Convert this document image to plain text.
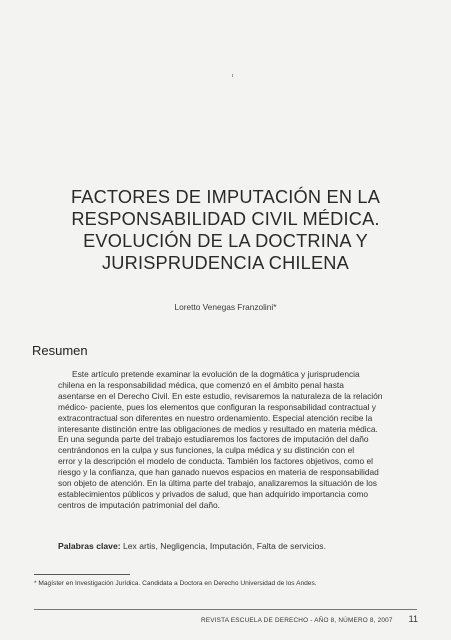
FACTORES DE IMPUTACIÓN EN LA
RESPONSABILIDAD CIVIL MÉDICA.
EVOLUCIÓN DE LA DOCTRINA Y
JURISPRUDENCIA CHILENA
Loretto Venegas Franzolini*
Resumen
Este artículo pretende examinar la evolución de la dogmática y jurisprudencia
chilena en la responsabilidad médica, que comenzó en el ámbito penal hasta
asentarse en el Derecho Civil. En este estudio, revisaremos la naturaleza de la relación
médico- paciente, pues los elementos que configuran la responsabilidad contractual y
extracontractual son diferentes en nuestro ordenamiento. Especial atención recibe la
interesante distinción entre las obligaciones de medios y resultado en materia médica.
En una segunda parte del trabajo estudiaremos los factores de imputación del daño
centrándonos en la culpa y sus funciones, la culpa médica y su distinción con el
error y la descripción el modelo de conducta. También los factores objetivos, como el
riesgo y la confianza, que han ganado nuevos espacios en materia de responsabilidad
son objeto de atención. En la última parte del trabajo, analizaremos la situación de los
establecimientos públicos y privados de salud, que han adquirido importancia como
centros de imputación patrimonial del daño.
Palabras clave: Lex artis, Negligencia, Imputación, Falta de servicios.
* Magíster en Investigación Jurídica. Candidata a Doctora en Derecho Universidad de los Andes.
REVISTA ESCUELA DE DERECHO - AÑO 8, NÚMERO 8, 2007 11
